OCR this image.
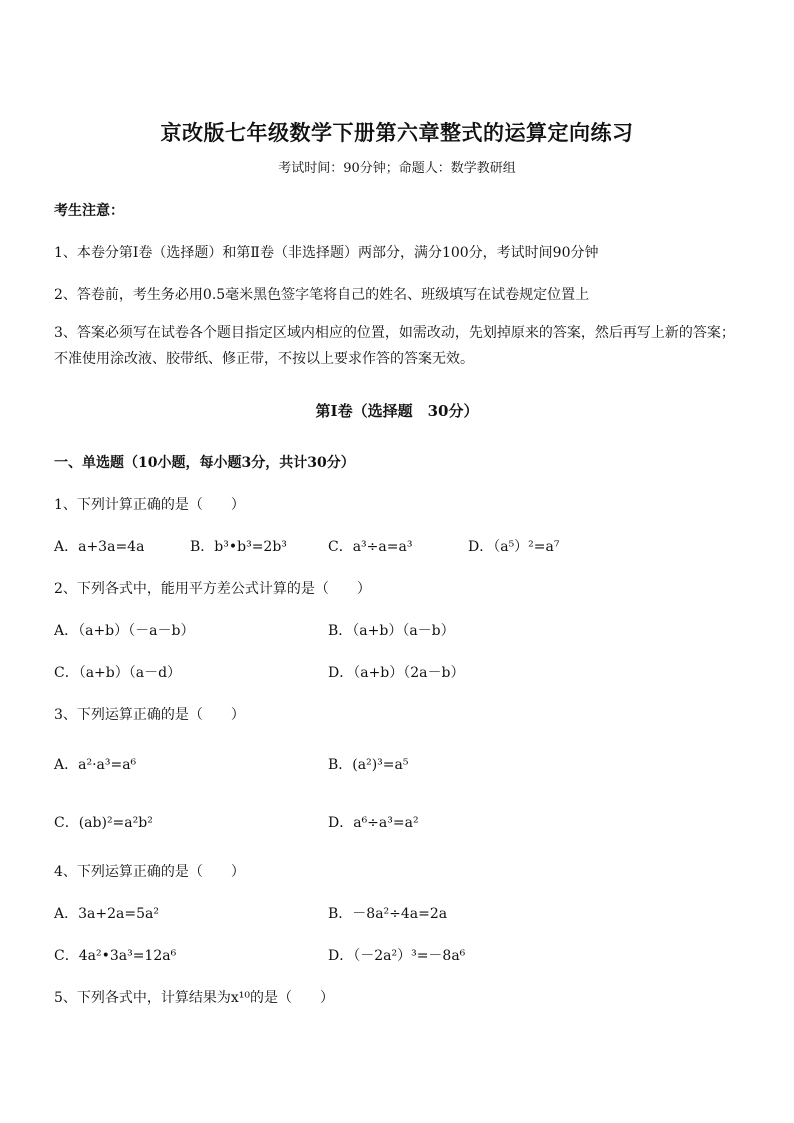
京改版七年级数学下册第六章整式的运算定向练习
考试时间：90分钟；命题人：数学教研组
考生注意：
1、本卷分第Ⅰ卷（选择题）和第Ⅱ卷（非选择题）两部分，满分100分，考试时间90分钟
2、答卷前，考生务必用0.5毫米黑色签字笔将自己的姓名、班级填写在试卷规定位置上
3、答案必须写在试卷各个题目指定区域内相应的位置，如需改动，先划掉原来的答案，然后再写上新的答案；不准使用涂改液、胶带纸、修正带，不按以上要求作答的答案无效。
第Ⅰ卷（选择题　30分）
一、单选题（10小题，每小题3分，共计30分）
1、下列计算正确的是（　　）
A．a+3a=4a	B．b³•b³=2b³	C．a³÷a=a³	D．（a⁵）²=a⁷
2、下列各式中，能用平方差公式计算的是（　　）
A．（a+b）（－a－b）	B．（a+b）（a－b）
C．（a+b）（a－d）	D．（a+b）（2a－b）
3、下列运算正确的是（　　）
A．a²·a³=a⁶	B．(a²)³=a⁵
C．(ab)²=a²b²	D．a⁶÷a³=a²
4、下列运算正确的是（　　）
A．3a+2a=5a²	B．－8a²÷4a=2a
C．4a²•3a³=12a⁶	D．（－2a²）³=－8a⁶
5、下列各式中，计算结果为x¹⁰的是（　　）
